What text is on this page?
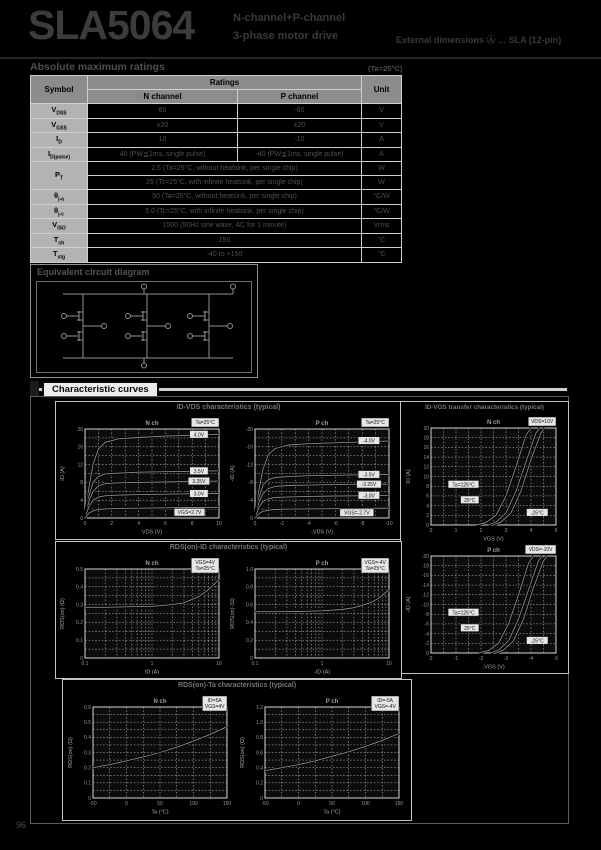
SLA5064	N-channel+P-channel
3-phase motor drive	External dimensions Ⓐ ⋯ SLA (12-pin)
Absolute maximum ratings	(Ta=25°C)
Symbol	Ratings		Unit
	N channel	P channel	
$V_{DSS}$	60	-60	V
$V_{GSS}$	±20	±20	V
$I_D$	10	-10	A
$I_{D(pulse)}$	40 (PW≦1ms, single pulse)	-40 (PW≦1ms, single pulse)	A
$P_T$	2.5 (Ta=25°C, without heatsink, per single chip)		W
	25 (Tc=25°C, with infinite heatsink, per single chip)		W
$\theta_{j-a}$	50 (Ta=25°C, without heatsink, per single chip)		°C/W
$\theta_{j-c}$	5.0 (Tc=25°C, with infinite heatsink, per single chip)		°C/W
$V_{ISO}$	1500 (50Hz sine wave, AC for 1 minute)		Vrms
$T_{ch}$	150		°C
$T_{stg}$	-40 to +150		°C
Equivalent circuit diagram
Characteristic curves
ID-VDS characteristics (typical)
0	2	4	6	8	10
0
4
8
12
16
20
VDS (V)
ID (A)
N ch	Ta=25°C
4.0V
3.5V
3.25V
3.0V
VGS=2.7V
0	-2	-4	-6	-8	-10
0
-4
-8
-12
-16
-20
-VDS (V)
-ID (A)
P ch	Ta=25°C
-4.0V
-3.5V
-3.25V
-3.0V
VGS=-2.7V
ID-VGS transfer characteristics (typical)
0	1	2	3	4	5
0
2
4
6
8
10
12
14
16
18
20
VGS (V)
ID (A)
N ch	VDS=10V
Ta=125°C
25°C
-25°C
0	-1	-2	-3	-4	-5
0
-2
-4
-6
-8
-10
-12
-14
-16
-18
-20
-VGS (V)
-ID (A)
P ch	VDS=-10V
Ta=125°C
25°C
-25°C
RDS(on)-ID characteristics (typical)
0.1	1	10
0
0.1
0.2
0.3
0.4
0.5
ID (A)
RDS(on) (Ω)
N ch	VGS=4V
Ta=25°C
0.1	1	10
0
0.2
0.4
0.6
0.8
1.0
-ID (A)
RDS(on) (Ω)
P ch	VGS=-4V
Ta=25°C
RDS(on)-Ta characteristics (typical)
-50	0	50	100	150
0
0.1
0.2
0.3
0.4
0.5
0.6
Ta (°C)
RDS(on) (Ω)
N ch	ID=5A
VGS=4V
-50	0	50	100	150
0
0.2
0.4
0.6
0.8
1.0
1.2
Ta (°C)
RDS(on) (Ω)
P ch	ID=-5A
VGS=-4V
96
